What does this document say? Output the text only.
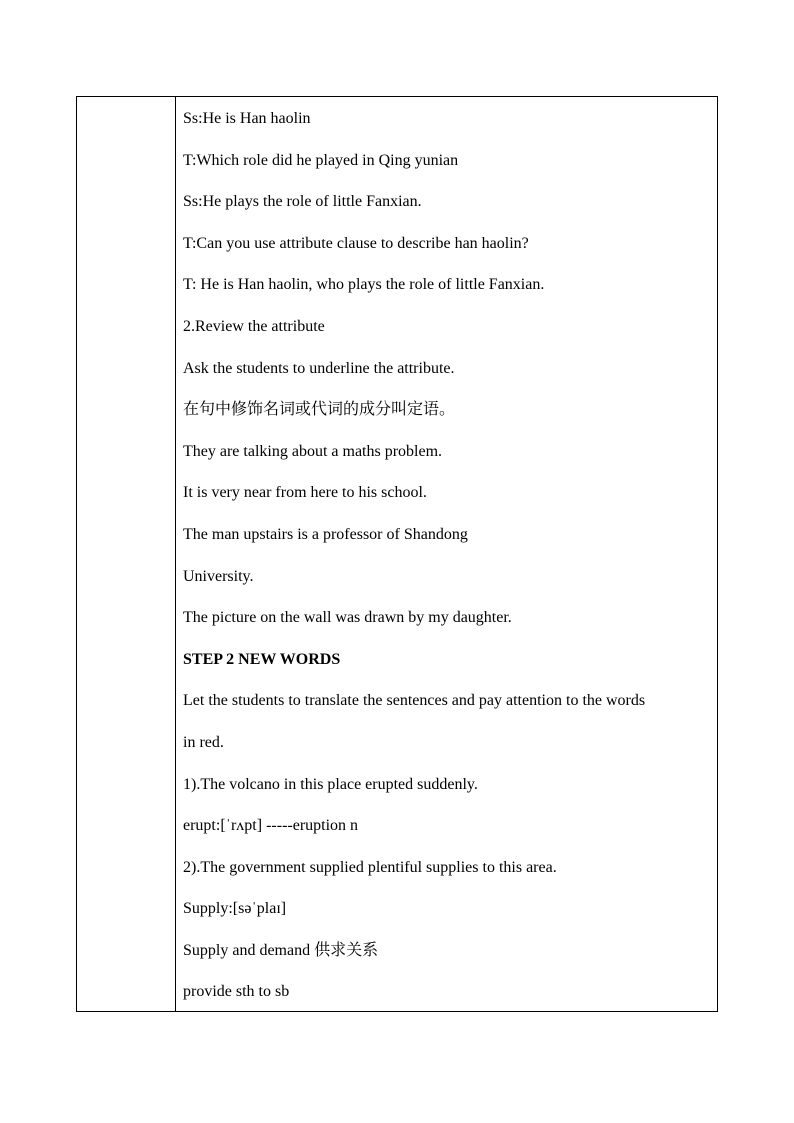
Ss:He is Han haolin
T:Which role did he played in Qing yunian
Ss:He plays the role of little Fanxian.
T:Can you use attribute clause to describe han haolin?
T: He is Han haolin, who plays the role of little Fanxian.
2.Review the attribute
Ask the students to underline the attribute.
在句中修饰名词或代词的成分叫定语。
They are talking about a maths problem.
It is very near from here to his school.
The man upstairs is a professor of Shandong
University.
The picture on the wall was drawn by my daughter.
STEP 2 NEW WORDS
Let the students to translate the sentences and pay attention to the words
in red.
1).The volcano in this place erupted suddenly.
erupt:[ˈrʌpt] -----eruption n
2).The government supplied plentiful supplies to this area.
Supply:[səˈplaɪ]
Supply and demand 供求关系
provide sth to sb
